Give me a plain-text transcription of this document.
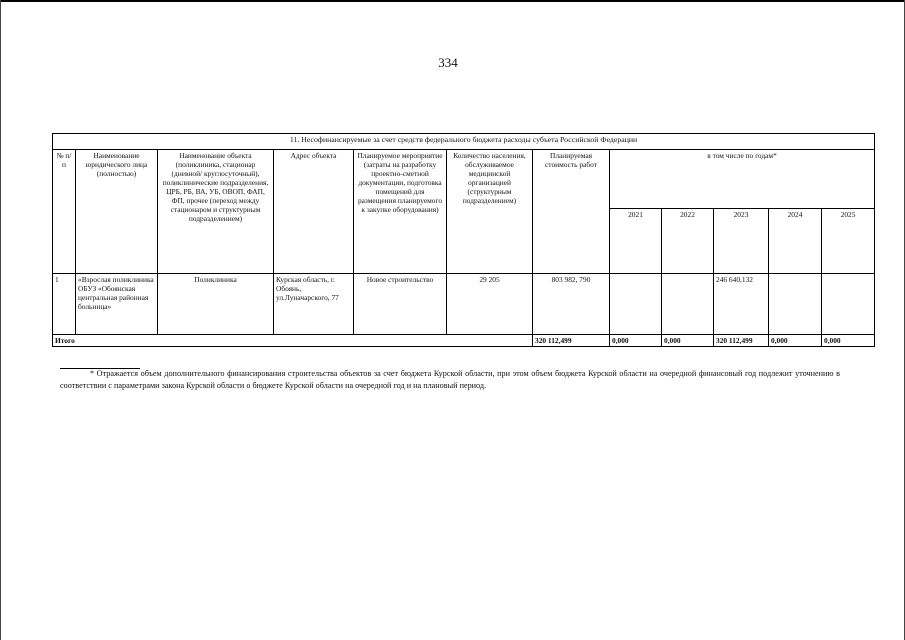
334
11. Несофинансируемые за счет средств федерального бюджета расходы субъета Российской Федерации											
№ п/п	Наименование юридического лица (полностью)	Наименование объекта (поликлиника, стационар (дневной/ круглосуточный), поликлинические подразделения, ЦРБ, РБ, ВА, УБ, ОВОП, ФАП, ФП, прочее (переход между стационаром и структурным подразделением)	Адрес объекта	Планируемое мероприятие (затраты на разработку проектно-сметной документации, подготовка помещений для размещения планируемого к закупке оборудования)	Количество населения, обслуживаемое медицинской организацией (структурным подразделением)	Планируемая стоимость работ	в том числе по годам*				
							2021	2022	2023	2024	2025
1	«Взрослая поликлиника ОБУЗ «Обоянская центральная районная больница»	Поликлиника	Курская область, г. Обоянь, ул.Луначарского, 77	Новое строительство	29 205	803 982, 790			246 640,132		
Итого						320 112,499	0,000	0,000	320 112,499	0,000	0,000
* Отражается объем дополнительного финансирования строительства объектов за счет бюджета Курской области, при этом объем бюджета Курской области на очередной финансовый год подлежит уточнению в соответствии с параметрами закона Курской области о бюджете Курской области на очередной год и на плановый период.
